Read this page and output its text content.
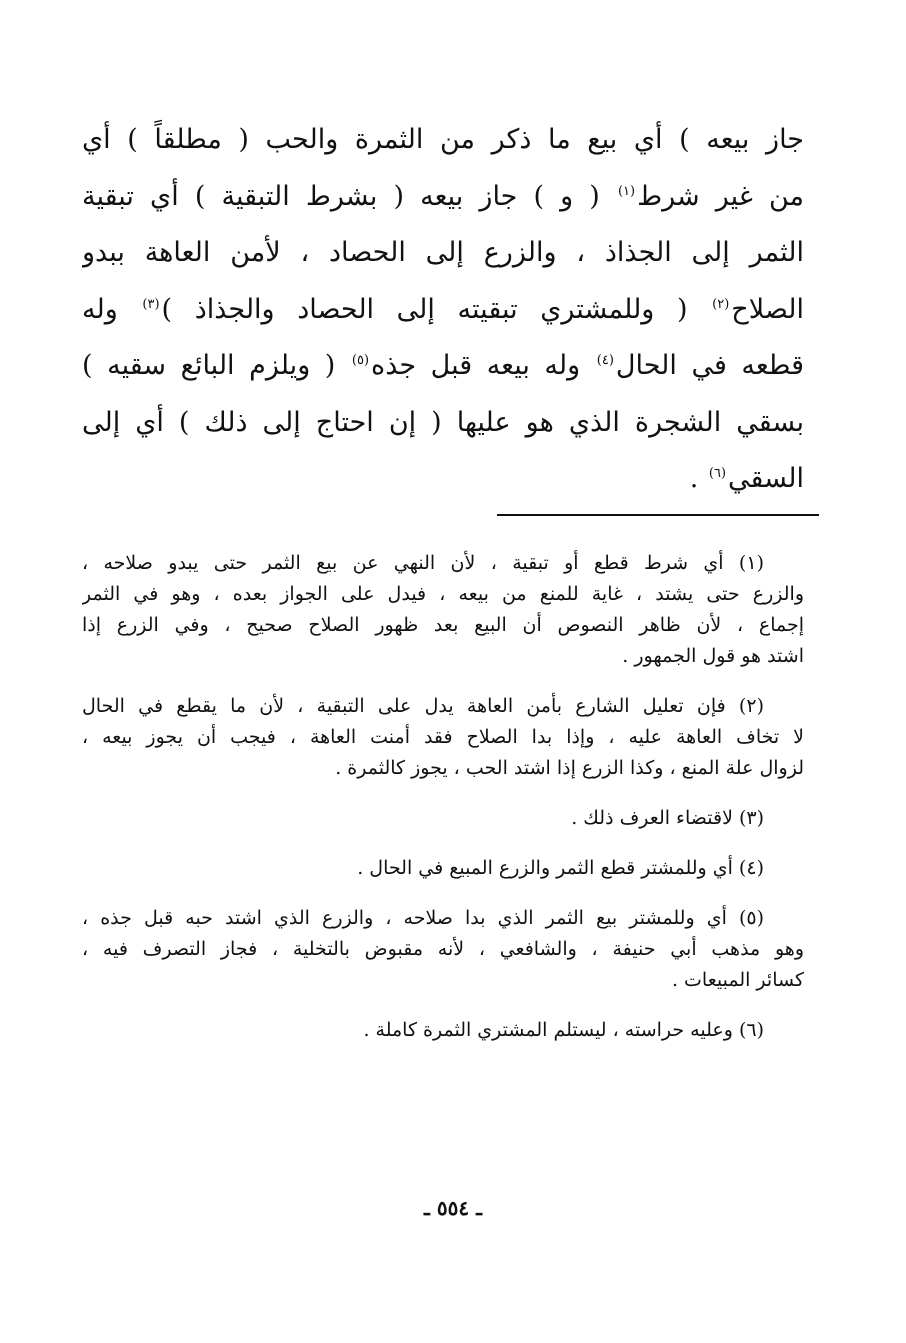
جاز بيعه ) أي بيع ما ذكر من الثمرة والحب ( مطلقاً ) أي
من غير شرط$^{(١)}$ ( و ) جاز بيعه ( بشرط التبقية ) أي تبقية
الثمر إلى الجذاذ ، والزرع إلى الحصاد ، لأمن العاهة ببدو
الصلاح$^{(٢)}$ ( وللمشتري تبقيته إلى الحصاد والجذاذ )$^{(٣)}$ وله
قطعه في الحال$^{(٤)}$ وله بيعه قبل جذه$^{(٥)}$ ( ويلزم البائع سقيه )
بسقي الشجرة الذي هو عليها ( إن احتاج إلى ذلك ) أي إلى
السقي$^{(٦)}$ .
(١) أي شرط قطع أو تبقية ، لأن النهي عن بيع الثمر حتى يبدو صلاحه ،
والزرع حتى يشتد ، غاية للمنع من بيعه ، فيدل على الجواز بعده ، وهو في الثمر
إجماع ، لأن ظاهر النصوص أن البيع بعد ظهور الصلاح صحيح ، وفي الزرع إذا
اشتد هو قول الجمهور .
(٢) فإن تعليل الشارع بأمن العاهة يدل على التبقية ، لأن ما يقطع في الحال
لا تخاف العاهة عليه ، وإذا بدا الصلاح فقد أمنت العاهة ، فيجب أن يجوز بيعه ،
لزوال علة المنع ، وكذا الزرع إذا اشتد الحب ، يجوز كالثمرة .
(٣) لاقتضاء العرف ذلك .
(٤) أي وللمشتر قطع الثمر والزرع المبيع في الحال .
(٥) أي وللمشتر بيع الثمر الذي بدا صلاحه ، والزرع الذي اشتد حبه قبل جذه ،
وهو مذهب أبي حنيفة ، والشافعي ، لأنه مقبوض بالتخلية ، فجاز التصرف فيه ،
كسائر المبيعات .
(٦) وعليه حراسته ، ليستلم المشتري الثمرة كاملة .
ـ ٥٥٤ ـ
